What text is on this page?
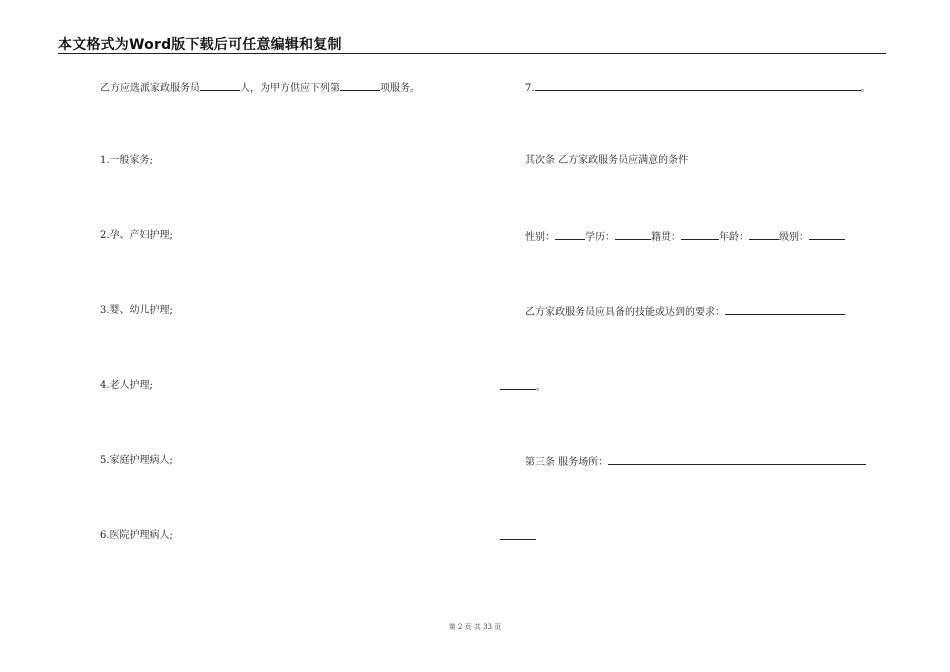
本文格式为Word版下载后可任意编辑和复制
乙方应选派家政服务员	人，为甲方供应下列第	项服务。
1.一般家务;
2.孕、产妇护理;
3.婴、幼儿护理;
4.老人护理;
5.家庭护理病人;
6.医院护理病人;
7.	。
其次条 乙方家政服务员应满意的条件
性别：	学历：	籍贯：	年龄：	级别：
乙方家政服务员应具备的技能或达到的要求：
。
第三条 服务场所：
第 2 页 共 33 页
